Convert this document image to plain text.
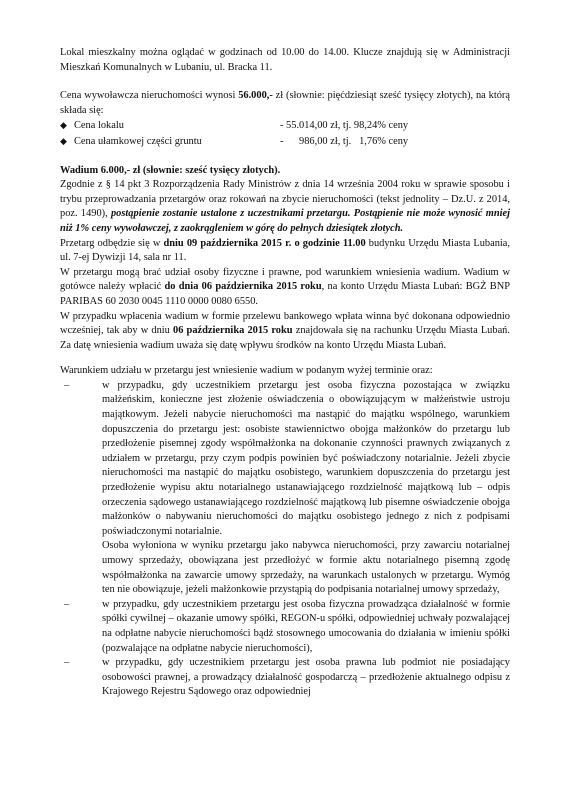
Lokal mieszkalny można oglądać w godzinach od 10.00 do 14.00. Klucze znajdują się w Administracji Mieszkań Komunalnych w Lubaniu, ul. Bracka 11.

Cena wywoławcza nieruchomości wynosi 56.000,- zł (słownie: pięćdziesiąt sześć tysięcy złotych), na którą składa się:

◆ Cena lokalu	- 55.014,00 zł, tj. 98,24% ceny
◆ Cena ułamkowej części gruntu	-      986,00 zł, tj.   1,76% ceny

Wadium 6.000,- zł (słownie: sześć tysięcy złotych).

Zgodnie z § 14 pkt 3 Rozporządzenia Rady Ministrów z dnia 14 września 2004 roku w sprawie sposobu i trybu przeprowadzania przetargów oraz rokowań na zbycie nieruchomości (tekst jednolity – Dz.U. z 2014, poz. 1490), postąpienie zostanie ustalone z uczestnikami przetargu. Postąpienie nie może wynosić mniej niż 1% ceny wywoławczej, z zaokrągleniem w górę do pełnych dziesiątek złotych.

Przetarg odbędzie się w dniu 09 października 2015 r. o godzinie 11.00 budynku Urzędu Miasta Lubania, ul. 7-ej Dywizji 14, sala nr 11.

W przetargu mogą brać udział osoby fizyczne i prawne, pod warunkiem wniesienia wadium. Wadium w gotówce należy wpłacić do dnia 06 października 2015 roku, na konto Urzędu Miasta Lubań: BGŻ BNP PARIBAS 60 2030 0045 1110 0000 0080 6550.

W przypadku wpłacenia wadium w formie przelewu bankowego wpłata winna być dokonana odpowiednio wcześniej, tak aby w dniu 06 października 2015 roku znajdowała się na rachunku Urzędu Miasta Lubań. Za datę wniesienia wadium uważa się datę wpływu środków na konto Urzędu Miasta Lubań.

Warunkiem udziału w przetargu jest wniesienie wadium w podanym wyżej terminie oraz:

–	w przypadku, gdy uczestnikiem przetargu jest osoba fizyczna pozostająca w związku małżeńskim, konieczne jest złożenie oświadczenia o obowiązującym w małżeństwie ustroju majątkowym. Jeżeli nabycie nieruchomości ma nastąpić do majątku wspólnego, warunkiem dopuszczenia do przetargu jest: osobiste stawiennictwo obojga małżonków do przetargu lub przedłożenie pisemnej zgody współmałżonka na dokonanie czynności prawnych związanych z udziałem w przetargu, przy czym podpis powinien być poświadczony notarialnie. Jeżeli zbycie nieruchomości ma nastąpić do majątku osobistego, warunkiem dopuszczenia do przetargu jest przedłożenie wypisu aktu notarialnego ustanawiającego rozdzielność majątkową lub – odpis orzeczenia sądowego ustanawiającego rozdzielność majątkową lub pisemne oświadczenie obojga małżonków o nabywaniu nieruchomości do majątku osobistego jednego z nich z podpisami poświadczonymi notarialnie.

Osoba wyłoniona w wyniku przetargu jako nabywca nieruchomości, przy zawarciu notarialnej umowy sprzedaży, obowiązana jest przedłożyć w formie aktu notarialnego pisemną zgodę współmałżonka na zawarcie umowy sprzedaży, na warunkach ustalonych w przetargu. Wymóg ten nie obowiązuje, jeżeli małżonkowie przystąpią do podpisania notarialnej umowy sprzedaży,

–	w przypadku, gdy uczestnikiem przetargu jest osoba fizyczna prowadząca działalność w formie spółki cywilnej – okazanie umowy spółki, REGON-u spółki, odpowiedniej uchwały pozwalającej na odpłatne nabycie nieruchomości bądź stosownego umocowania do działania w imieniu spółki (pozwalające na odpłatne nabycie nieruchomości),
–	w przypadku, gdy uczestnikiem przetargu jest osoba prawna lub podmiot nie posiadający osobowości prawnej, a prowadzący działalność gospodarczą – przedłożenie aktualnego odpisu z Krajowego Rejestru Sądowego oraz odpowiedniej
